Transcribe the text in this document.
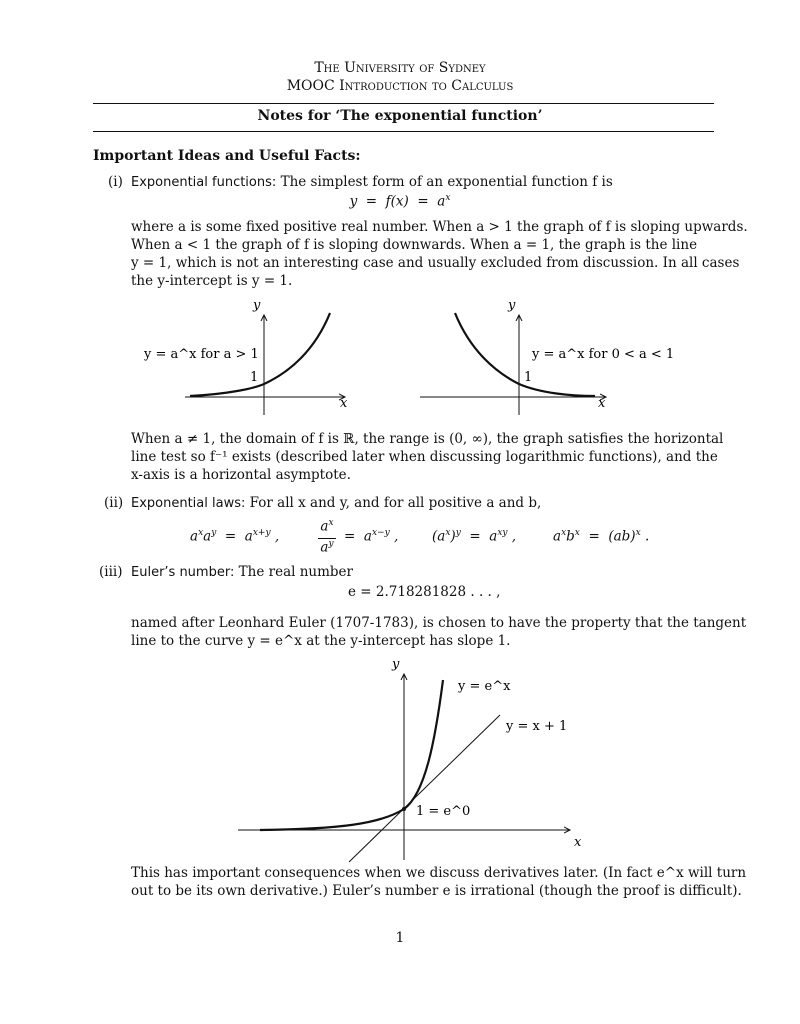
The University of Sydney
MOOC Introduction to Calculus
Notes for ‘The exponential function’
Important Ideas and Useful Facts:
(i) Exponential functions: The simplest form of an exponential function f is
$y = f(x) = a^x$
where a is some fixed positive real number. When a > 1 the graph of f is sloping upwards.
When a < 1 the graph of f is sloping downwards. When a = 1, the graph is the line
y = 1, which is not an interesting case and usually excluded from discussion. In all cases
the y-intercept is y = 1.
y
x
1
y = a^x for a > 1
y
x
1
y = a^x for 0 < a < 1
When a ≠ 1, the domain of f is ℝ, the range is (0, ∞), the graph satisfies the horizontal
line test so f⁻¹ exists (described later when discussing logarithmic functions), and the
x-axis is a horizontal asymptote.
(ii) Exponential laws: For all x and y, and for all positive a and b,
$a^xa^y = a^{x+y}$ ,
$a^x$
$a^y = a^{x-y}$ ,	$(a^x)^y = a^{xy}$ ,	$a^xb^x = (ab)^x$ .
(iii) Euler’s number: The real number
e = 2.718281828 . . . ,
named after Leonhard Euler (1707-1783), is chosen to have the property that the tangent
line to the curve y = e^x at the y-intercept has slope 1.
y
x
y = e^x
y = x + 1
1 = e^0
This has important consequences when we discuss derivatives later. (In fact e^x will turn
out to be its own derivative.) Euler’s number e is irrational (though the proof is difficult).
1
